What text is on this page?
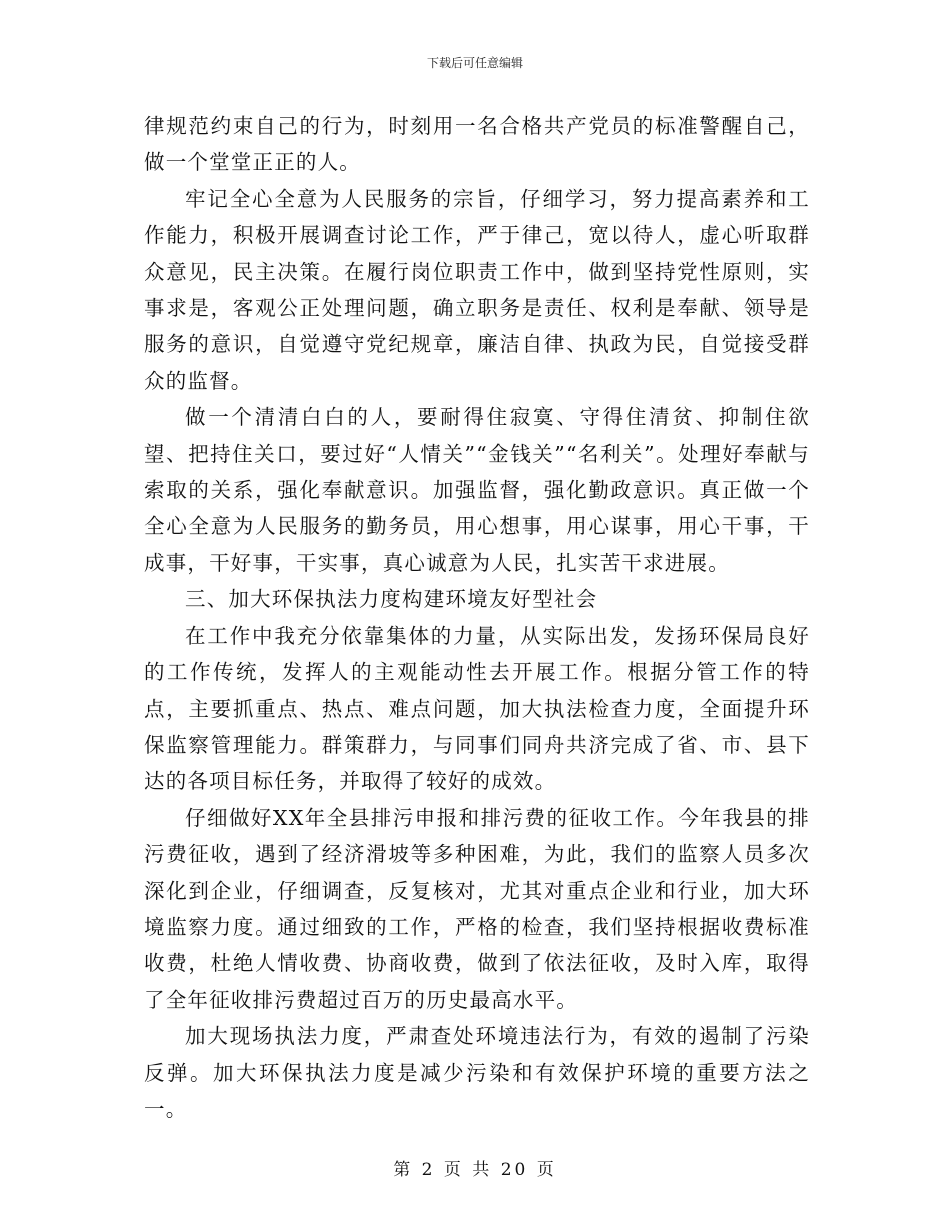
下载后可任意编辑

律规范约束自己的行为，时刻用一名合格共产党员的标准警醒自己，做一个堂堂正正的人。

牢记全心全意为人民服务的宗旨，仔细学习，努力提高素养和工作能力，积极开展调查讨论工作，严于律己，宽以待人，虚心听取群众意见，民主决策。在履行岗位职责工作中，做到坚持党性原则，实事求是，客观公正处理问题，确立职务是责任、权利是奉献、领导是服务的意识，自觉遵守党纪规章，廉洁自律、执政为民，自觉接受群众的监督。

做一个清清白白的人，要耐得住寂寞、守得住清贫、抑制住欲望、把持住关口，要过好“人情关”“金钱关”“名利关”。处理好奉献与索取的关系，强化奉献意识。加强监督，强化勤政意识。真正做一个全心全意为人民服务的勤务员，用心想事，用心谋事，用心干事，干成事，干好事，干实事，真心诚意为人民，扎实苦干求进展。

三、加大环保执法力度构建环境友好型社会

在工作中我充分依靠集体的力量，从实际出发，发扬环保局良好的工作传统，发挥人的主观能动性去开展工作。根据分管工作的特点，主要抓重点、热点、难点问题，加大执法检查力度，全面提升环保监察管理能力。群策群力，与同事们同舟共济完成了省、市、县下达的各项目标任务，并取得了较好的成效。

仔细做好XX年全县排污申报和排污费的征收工作。今年我县的排污费征收，遇到了经济滑坡等多种困难，为此，我们的监察人员多次深化到企业，仔细调查，反复核对，尤其对重点企业和行业，加大环境监察力度。通过细致的工作，严格的检查，我们坚持根据收费标准收费，杜绝人情收费、协商收费，做到了依法征收，及时入库，取得了全年征收排污费超过百万的历史最高水平。

加大现场执法力度，严肃查处环境违法行为，有效的遏制了污染反弹。加大环保执法力度是减少污染和有效保护环境的重要方法之一。

第 2 页 共 20 页
